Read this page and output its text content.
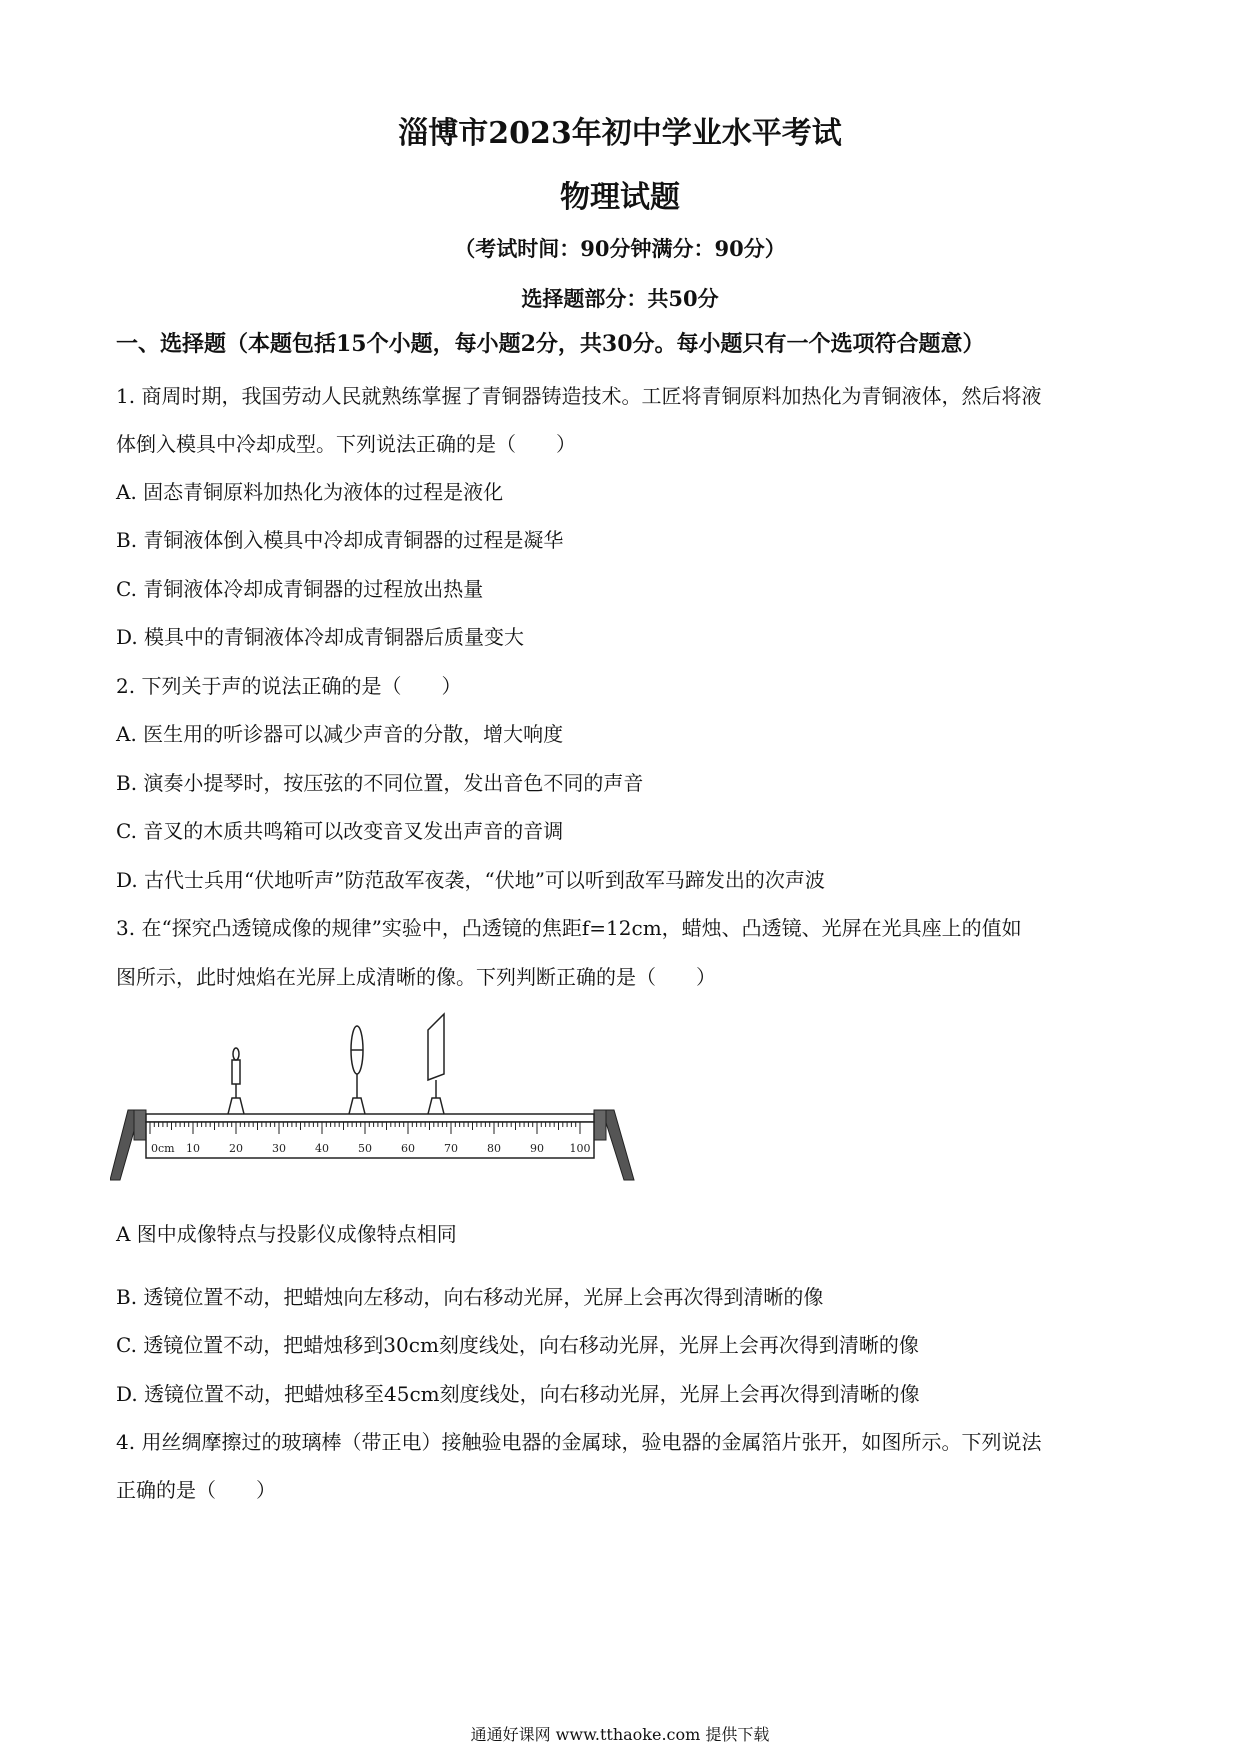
淄博市2023年初中学业水平考试
物理试题
（考试时间：90分钟满分：90分）
选择题部分：共50分
一、选择题（本题包括15个小题，每小题2分，共30分。每小题只有一个选项符合题意）
1. 商周时期，我国劳动人民就熟练掌握了青铜器铸造技术。工匠将青铜原料加热化为青铜液体，然后将液
体倒入模具中冷却成型。下列说法正确的是（　　）
A. 固态青铜原料加热化为液体的过程是液化
B. 青铜液体倒入模具中冷却成青铜器的过程是凝华
C. 青铜液体冷却成青铜器的过程放出热量
D. 模具中的青铜液体冷却成青铜器后质量变大
2. 下列关于声的说法正确的是（　　）
A. 医生用的听诊器可以减少声音的分散，增大响度
B. 演奏小提琴时，按压弦的不同位置，发出音色不同的声音
C. 音叉的木质共鸣箱可以改变音叉发出声音的音调
D. 古代士兵用“伏地听声”防范敌军夜袭，“伏地”可以听到敌军马蹄发出的次声波
3. 在“探究凸透镜成像的规律”实验中，凸透镜的焦距f=12cm，蜡烛、凸透镜、光屏在光具座上的值如
图所示，此时烛焰在光屏上成清晰的像。下列判断正确的是（　　）
0cm 10	20	30	40	50	60	70	80	90 100
A 图中成像特点与投影仪成像特点相同
B. 透镜位置不动，把蜡烛向左移动，向右移动光屏，光屏上会再次得到清晰的像
C. 透镜位置不动，把蜡烛移到30cm刻度线处，向右移动光屏，光屏上会再次得到清晰的像
D. 透镜位置不动，把蜡烛移至45cm刻度线处，向右移动光屏，光屏上会再次得到清晰的像
4. 用丝绸摩擦过的玻璃棒（带正电）接触验电器的金属球，验电器的金属箔片张开，如图所示。下列说法
正确的是（　　）
通通好课网 www.tthaoke.com 提供下载
